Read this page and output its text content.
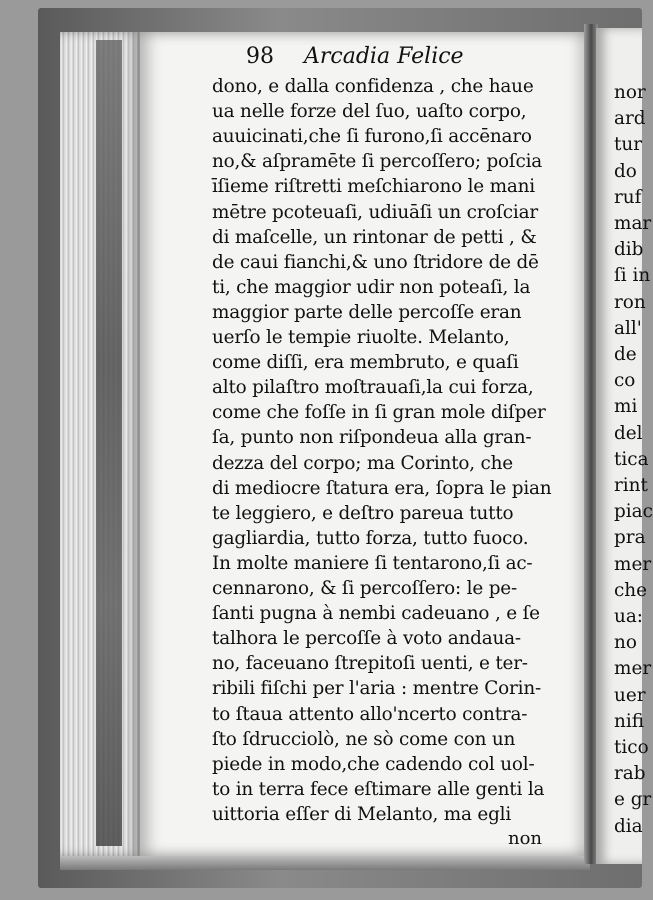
nor
ard
tur
do
ruf
mar
dib
ſi in
ron
all'
de
co
mi
del
tica
rint
piac
pra
mer
che
ua:
no
mer
uer
nifi
tico
rab
e gr
dia
98 Arcadia Felice
dono, e dalla confidenza , che haue
ua nelle forze del ſuo, uaſto corpo,
auuicinati,che ſi furono,ſi accēnaro
no,& aſpramētе ſi percoſſero; poſcia
īſieme riſtretti meſchiarono le mani
mētre pcoteuaſi, udiuāſi un croſciar
di maſcelle, un rintonar de petti , &
de caui fianchi,& uno ſtridore de dē
ti, che maggior udir non poteaſi, la
maggior parte delle percoſſe eran
uerſo le tempie riuolte. Melanto,
come diſſi, era membruto, e quaſi
alto pilaſtro moſtrauaſi,la cui forza,
come che foſſe in ſi gran mole diſper
ſa, punto non riſpondeua alla gran-
dezza del corpo; ma Corinto, che
di mediocre ſtatura era, ſopra le pian
te leggiero, e deſtro pareua tutto
gagliardia, tutto forza, tutto fuoco.
In molte maniere ſi tentarono,ſi ac-
cennarono, & ſi percoſſero: le pe-
ſanti pugna à nembi cadeuano , e ſe
talhora le percoſſe à voto andaua-
no, faceuano ſtrepitoſi uenti, e ter-
ribili fiſchi per l'aria : mentre Corin-
to ſtaua attento allo'ncerto contra-
ſto ſdrucciolò, ne sò come con un
piede in modo,che cadendo col uol-
to in terra fece eſtimare alle genti la
uittoria eſſer di Melanto, ma egli
non
